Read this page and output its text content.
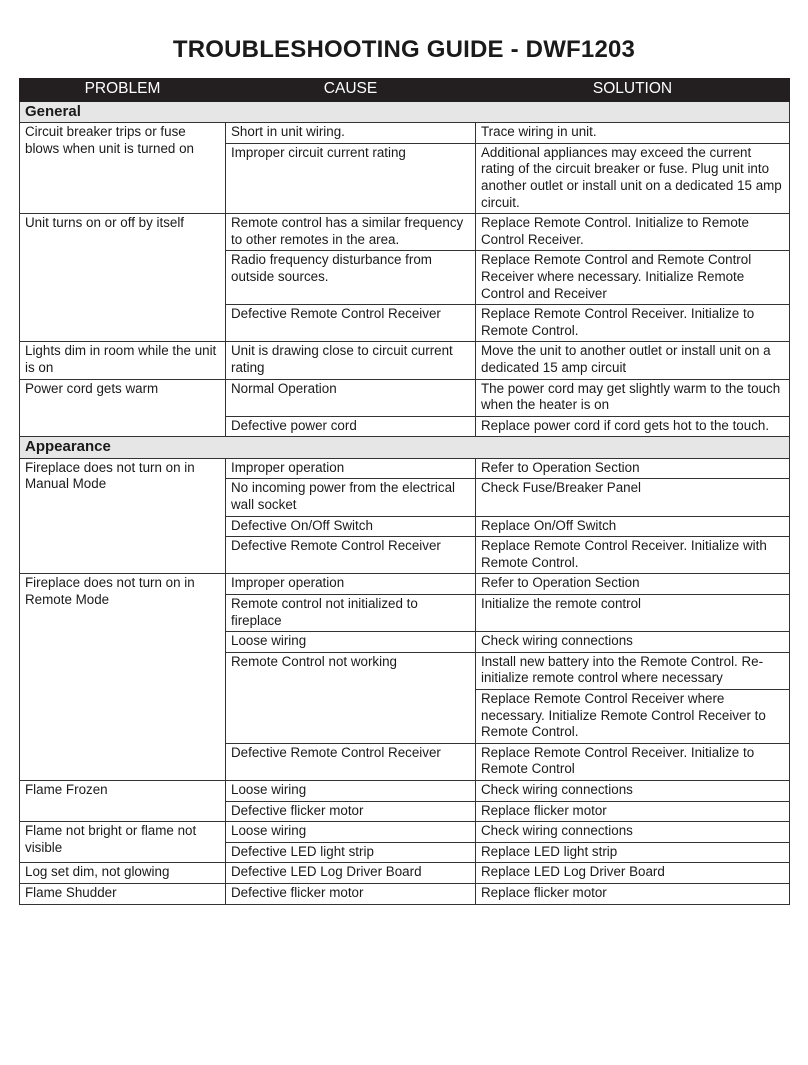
TROUBLESHOOTING GUIDE - DWF1203
PROBLEM	CAUSE	SOLUTION
General		
Circuit breaker trips or fuse blows when unit is turned on	Short in unit wiring.	Trace wiring in unit.
	Improper circuit current rating	Additional appliances may exceed the current rating of the circuit breaker or fuse. Plug unit into another outlet or install unit on a dedicated 15 amp circuit.
Unit turns on or off by itself	Remote control has a similar frequency to other remotes in the area.	Replace Remote Control. Initialize to Remote Control Receiver.
	Radio frequency disturbance from outside sources.	Replace Remote Control and Remote Control Receiver where necessary. Initialize Remote Control and Receiver
	Defective Remote Control Receiver	Replace Remote Control Receiver. Initialize to Remote Control.
Lights dim in room while the unit is on	Unit is drawing close to circuit current rating	Move the unit to another outlet or install unit on a dedicated 15 amp circuit
Power cord gets warm	Normal Operation	The power cord may get slightly warm to the touch when the heater is on
	Defective power cord	Replace power cord if cord gets hot to the touch.
Appearance		
Fireplace does not turn on in Manual Mode	Improper operation	Refer to Operation Section
	No incoming power from the electrical wall socket	Check Fuse/Breaker Panel
	Defective On/Off Switch	Replace On/Off Switch
	Defective Remote Control Receiver	Replace Remote Control Receiver. Initialize with Remote Control.
Fireplace does not turn on in Remote Mode	Improper operation	Refer to Operation Section
	Remote control not initialized to fireplace	Initialize the remote control
	Loose wiring	Check wiring connections
	Remote Control not working	Install new battery into the Remote Control. Re-initialize remote control where necessary
		Replace Remote Control Receiver where necessary. Initialize Remote Control Receiver to Remote Control.
	Defective Remote Control Receiver	Replace Remote Control Receiver. Initialize to Remote Control
Flame Frozen	Loose wiring	Check wiring connections
	Defective flicker motor	Replace flicker motor
Flame not bright or flame not visible	Loose wiring	Check wiring connections
	Defective LED light strip	Replace LED light strip
Log set dim, not glowing	Defective LED Log Driver Board	Replace LED Log Driver Board
Flame Shudder	Defective flicker motor	Replace flicker motor
